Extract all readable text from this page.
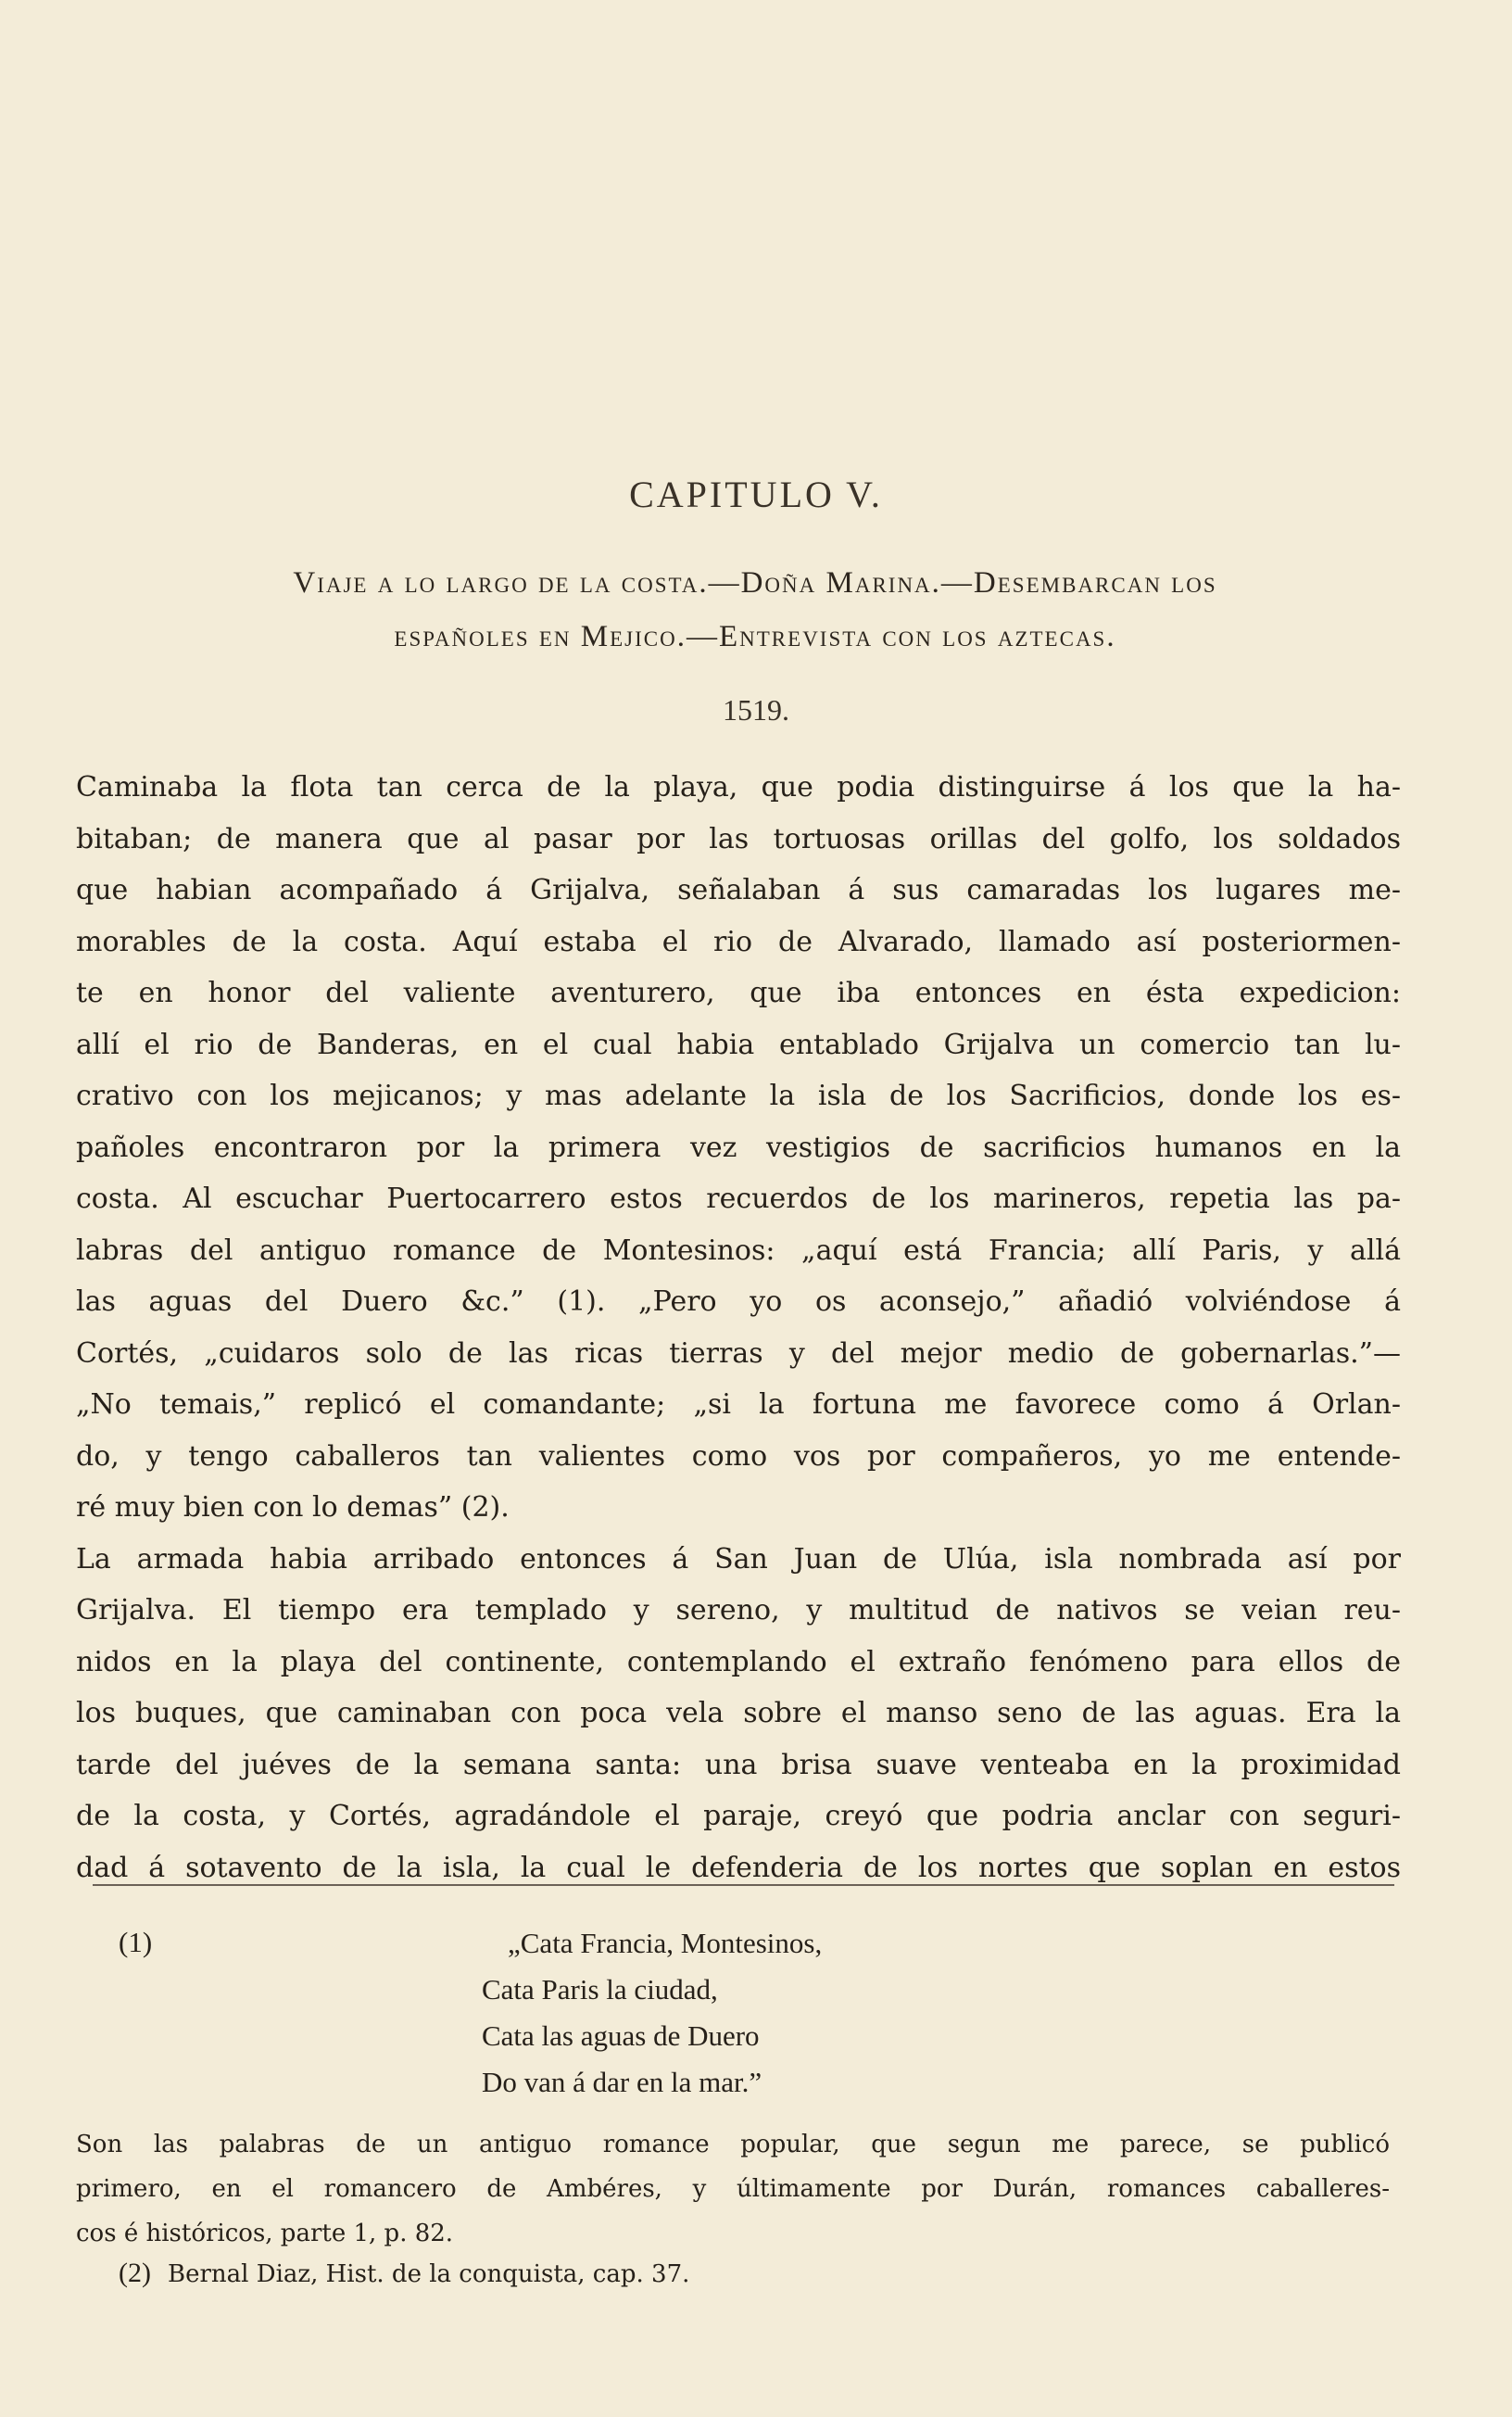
CAPITULO V.
Viaje a lo largo de la costa.—Doña Marina.—Desembarcan los
españoles en Mejico.—Entrevista con los aztecas.
1519.
Caminaba la flota tan cerca de la playa, que podia distinguirse á los que la ha-
bitaban; de manera que al pasar por las tortuosas orillas del golfo, los soldados
que habian acompañado á Grijalva, señalaban á sus camaradas los lugares me-
morables de la costa. Aquí estaba el rio de Alvarado, llamado así posteriormen-
te en honor del valiente aventurero, que iba entonces en ésta expedicion:
allí el rio de Banderas, en el cual habia entablado Grijalva un comercio tan lu-
crativo con los mejicanos; y mas adelante la isla de los Sacrificios, donde los es-
pañoles encontraron por la primera vez vestigios de sacrificios humanos en la
costa. Al escuchar Puertocarrero estos recuerdos de los marineros, repetia las pa-
labras del antiguo romance de Montesinos: „aquí está Francia; allí Paris, y allá
las aguas del Duero &c.” (1). „Pero yo os aconsejo,” añadió volviéndose á
Cortés, „cuidaros solo de las ricas tierras y del mejor medio de gobernarlas.”—
„No temais,” replicó el comandante; „si la fortuna me favorece como á Orlan-
do, y tengo caballeros tan valientes como vos por compañeros, yo me entende-
ré muy bien con lo demas” (2).
La armada habia arribado entonces á San Juan de Ulúa, isla nombrada así por
Grijalva. El tiempo era templado y sereno, y multitud de nativos se veian reu-
nidos en la playa del continente, contemplando el extraño fenómeno para ellos de
los buques, que caminaban con poca vela sobre el manso seno de las aguas. Era la
tarde del juéves de la semana santa: una brisa suave venteaba en la proximidad
de la costa, y Cortés, agradándole el paraje, creyó que podria anclar con seguri-
dad á sotavento de la isla, la cual le defenderia de los nortes que soplan en estos
(1)	„Cata Francia, Montesinos,
Cata Paris la ciudad,
Cata las aguas de Duero
Do van á dar en la mar.”
Son las palabras de un antiguo romance popular, que segun me parece, se publicó
primero, en el romancero de Ambéres, y últimamente por Durán, romances caballeres-
cos é históricos, parte 1, p. 82.
(2) Bernal Diaz, Hist. de la conquista, cap. 37.
